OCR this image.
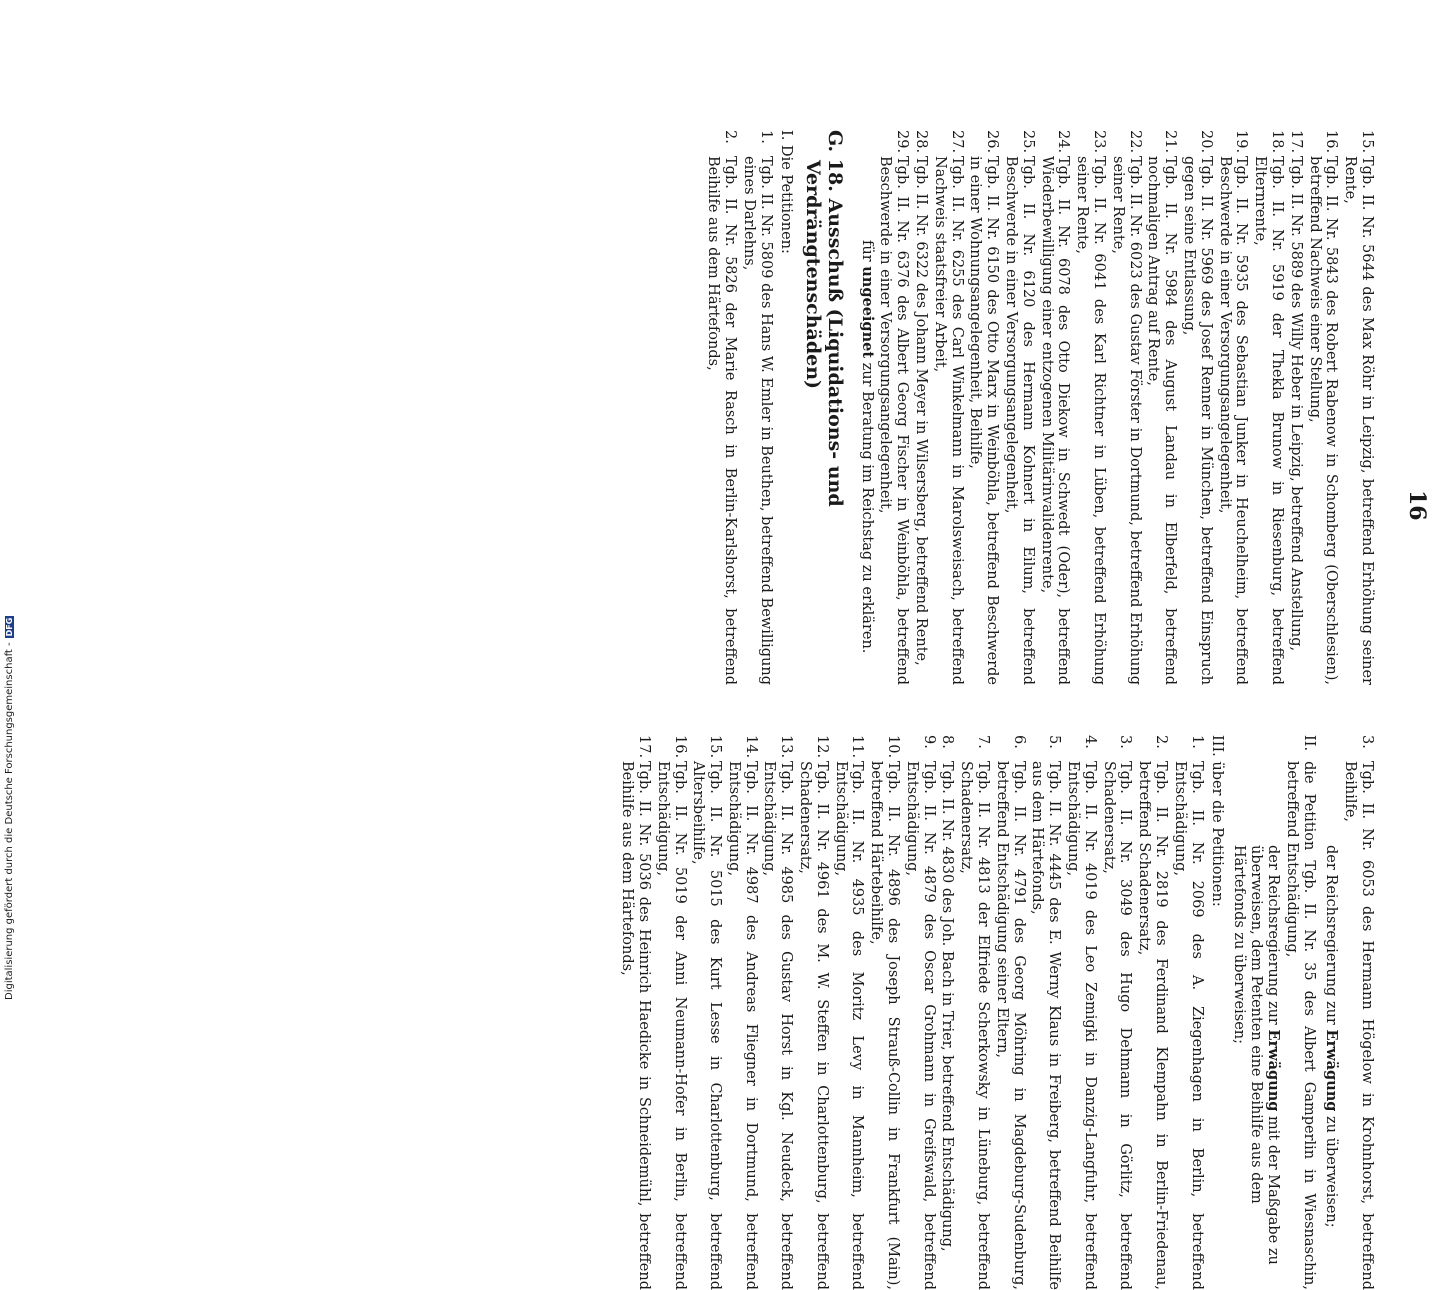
16
15.Tgb. II. Nr. 5644 des Max Röhr in Leipzig, betreffend Erhöhung seiner Rente,
16.Tgb. II. Nr. 5843 des Robert Rabenow in Schomberg (Oberschlesien), betreffend Nachweis einer Stellung,
17.Tgb. II. Nr. 5889 des Willy Heber in Leipzig, betreffend Anstellung,
18.Tgb. II. Nr. 5919 der Thekla Brunow in Riesenburg, betreffend Elternrente,
19.Tgb. II. Nr. 5935 des Sebastian Junker in Heuchelheim, betreffend Beschwerde in einer Versorgungsangelegenheit,
20.Tgb. II. Nr. 5969 des Josef Renner in München, betreffend Einspruch gegen seine Entlassung,
21.Tgb. II. Nr. 5984 des August Landau in Elberfeld, betreffend nochmaligen Antrag auf Rente,
22.Tgb. II. Nr. 6023 des Gustav Förster in Dortmund, betreffend Erhöhung seiner Rente,
23.Tgb. II. Nr. 6041 des Karl Richtner in Lüben, betreffend Erhöhung seiner Rente,
24.Tgb. II. Nr. 6078 des Otto Diekow in Schwedt (Oder), betreffend Wiederbewilligung einer entzogenen Militärinvalidenrente,
25.Tgb. II. Nr. 6120 des Hermann Kohnert in Eilum, betreffend Beschwerde in einer Versorgungsangelegenheit,
26.Tgb. II. Nr. 6150 des Otto Marx in Weinböhla, betreffend Beschwerde in einer Wohnungsangelegenheit, Beihilfe,
27.Tgb. II. Nr. 6255 des Carl Winkelmann in Marolsweisach, betreffend Nachweis staatsfreier Arbeit,
28.Tgb. II. Nr. 6322 des Johann Meyer in Wilsersberg, betreffend Rente,
29.Tgb. II. Nr. 6376 des Albert Georg Fischer in Weinböhla, betreffend Beschwerde in einer Versorgungsangelegenheit,
für ungeeignet zur Beratung im Reichstag zu erklären.
G. 18. Ausschuß (Liquidations- und Verdrängtenschäden)
I. Die Petitionen:
1.Tgb. II. Nr. 5809 des Hans W. Emler in Beuthen, betreffend Bewilligung eines Darlehns,
2.Tgb. II. Nr. 5826 der Marie Rasch in Berlin-Karlshorst, betreffend Beihilfe aus dem Härtefonds,
3.Tgb. II. Nr. 6053 des Hermann Högelow in Krohnhorst, betreffend Beihilfe,
der Reichsregierung zur Erwägung zu überweisen;
II. die Petition Tgb. II. Nr. 35 des Albert Gamperlin in Wiesnaschin, betreffend Entschädigung,
der Reichsregierung zur Erwägung mit der Maßgabe zu überweisen, dem Petenten eine Beihilfe aus dem Härtefonds zu überweisen;
III. über die Petitionen:
1.Tgb. II. Nr. 2069 des A. Ziegenhagen in Berlin, betreffend Entschädigung,
2.Tgb. II. Nr. 2819 des Ferdinand Klempahn in Berlin-Friedenau, betreffend Schadenersatz,
3.Tgb. II. Nr. 3049 des Hugo Dehmann in Görlitz, betreffend Schadenersatz,
4.Tgb. II. Nr. 4019 des Leo Zemigki in Danzig-Langfuhr, betreffend Entschädigung,
5.Tgb. II. Nr. 4445 des E. Werny Klaus in Freiberg, betreffend Beihilfe aus dem Härtefonds,
6.Tgb. II. Nr. 4791 des Georg Möhring in Magdeburg-Sudenburg, betreffend Entschädigung seiner Eltern,
7.Tgb. II. Nr. 4813 der Elfriede Scherkowsky in Lüneburg, betreffend Schadenersatz,
8.Tgb. II. Nr. 4830 des Joh. Bach in Trier, betreffend Entschädigung,
9.Tgb. II. Nr. 4879 des Oscar Grohmann in Greifswald, betreffend Entschädigung,
10.Tgb. II. Nr. 4896 des Joseph Strauß-Collin in Frankfurt (Main), betreffend Härtebeihilfe,
11.Tgb. II. Nr. 4935 des Moritz Levy in Mannheim, betreffend Entschädigung,
12.Tgb. II. Nr. 4961 des M. W. Steffen in Charlottenburg, betreffend Schadenersatz,
13.Tgb. II. Nr. 4985 des Gustav Horst in Kgl. Neudeck, betreffend Entschädigung,
14.Tgb. II. Nr. 4987 des Andreas Fliegner in Dortmund, betreffend Entschädigung,
15.Tgb. II. Nr. 5015 des Kurt Lesse in Charlottenburg, betreffend Altersbeihilfe,
16.Tgb. II. Nr. 5019 der Anni Neumann-Hofer in Berlin, betreffend Entschädigung,
17.Tgb. II. Nr. 5036 des Heinrich Haedicke in Schneidemühl, betreffend Beihilfe aus dem Härtefonds,
Digitalisierung gefördert durch die Deutsche Forschungsgemeinschaft -DFG
